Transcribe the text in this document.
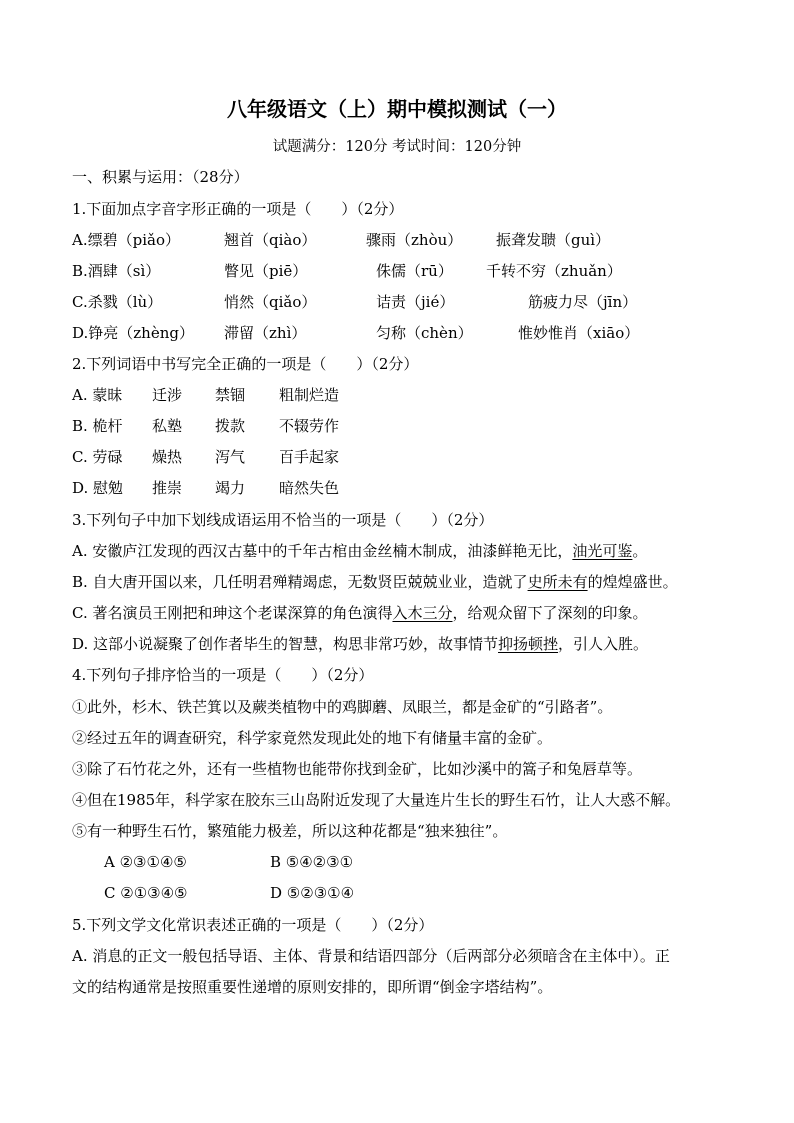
八年级语文（上）期中模拟测试（一）
试题满分：120分 考试时间：120分钟
一、积累与运用：（28分）
1.下面加点字音字形正确的一项是（　　）（2分）
A.缥碧（piǎo）	翘首（qiào）	骤雨（zhòu） 振聋发聩（guì）
B.酒肆（sì）	瞥见（piē）	侏儒（rū） 千转不穷（zhuǎn）
C.杀戮（lù）	悄然（qiǎo）	诘责（jié）	筋疲力尽（jīn）
D.铮亮（zhèng） 滞留（zhì）	匀称（chèn）	惟妙惟肖（xiāo）
2.下列词语中书写完全正确的一项是（　　）（2分）
A. 蒙昧 迁涉 禁锢 粗制烂造
B. 桅杆 私塾 拨款 不辍劳作
C. 劳碌 燥热 泻气 百手起家
D. 慰勉 推崇 竭力 暗然失色
3.下列句子中加下划线成语运用不恰当的一项是（　　）（2分）
A. 安徽庐江发现的西汉古墓中的千年古棺由金丝楠木制成，油漆鲜艳无比，油光可鉴。
B. 自大唐开国以来，几任明君殚精竭虑，无数贤臣兢兢业业，造就了史所未有的煌煌盛世。
C. 著名演员王刚把和珅这个老谋深算的角色演得入木三分，给观众留下了深刻的印象。
D. 这部小说凝聚了创作者毕生的智慧，构思非常巧妙，故事情节抑扬顿挫，引人入胜。
4.下列句子排序恰当的一项是（　　）（2分）
①此外，杉木、铁芒箕以及蕨类植物中的鸡脚蘑、凤眼兰，都是金矿的“引路者”。
②经过五年的调查研究，科学家竟然发现此处的地下有储量丰富的金矿。
③除了石竹花之外，还有一些植物也能带你找到金矿，比如沙溪中的篙子和兔唇草等。
④但在1985年，科学家在胶东三山岛附近发现了大量连片生长的野生石竹，让人大惑不解。
⑤有一种野生石竹，繁殖能力极差，所以这种花都是“独来独往”。
A ②③①④⑤	B ⑤④②③①
C ②①③④⑤	D ⑤②③①④
5.下列文学文化常识表述正确的一项是（　　）（2分）
A. 消息的正文一般包括导语、主体、背景和结语四部分（后两部分必须暗含在主体中）。正
文的结构通常是按照重要性递增的原则安排的，即所谓“倒金字塔结构”。
